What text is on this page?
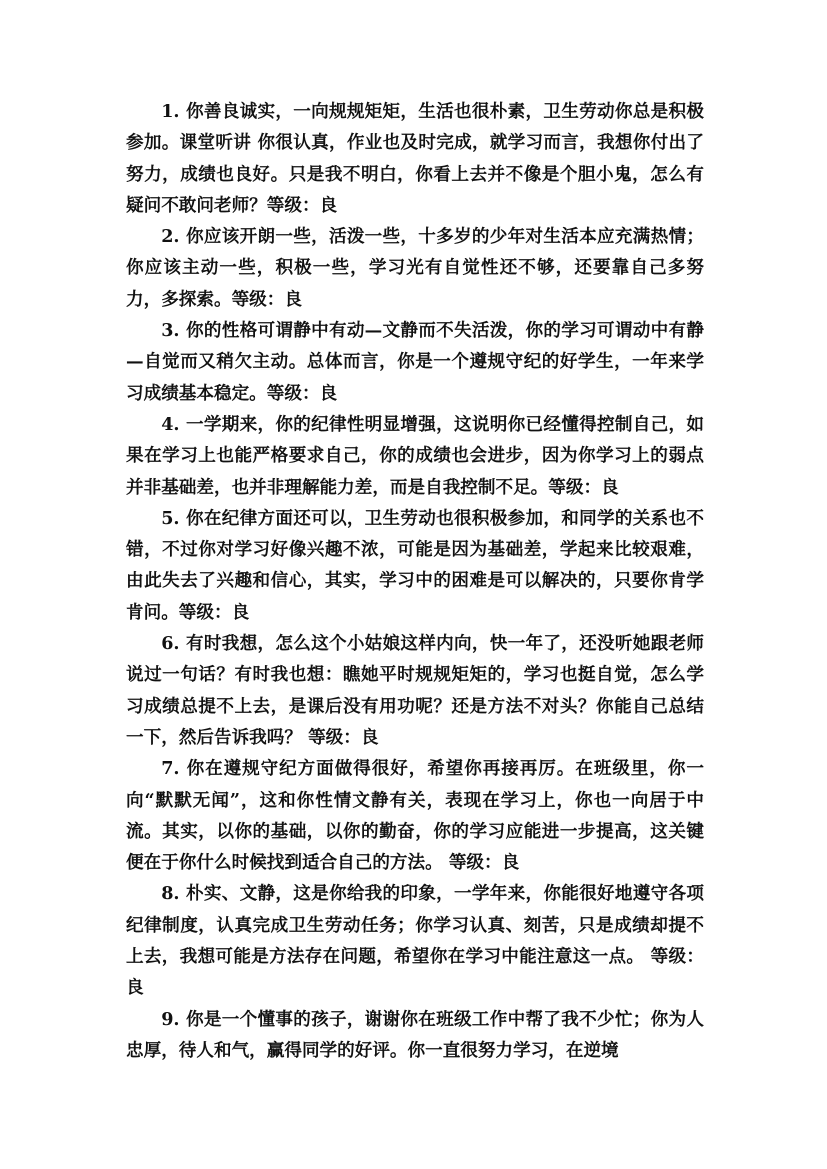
1. 你善良诚实，一向规规矩矩，生活也很朴素，卫生劳动你总是积极参加。课堂听讲 你很认真，作业也及时完成，就学习而言，我想你付出了努力，成绩也良好。只是我不明白，你看上去并不像是个胆小鬼，怎么有疑问不敢问老师？等级：良

2. 你应该开朗一些，活泼一些，十多岁的少年对生活本应充满热情；你应该主动一些，积极一些，学习光有自觉性还不够，还要靠自己多努力，多探索。等级：良

3. 你的性格可谓静中有动—文静而不失活泼，你的学习可谓动中有静—自觉而又稍欠主动。总体而言，你是一个遵规守纪的好学生，一年来学习成绩基本稳定。等级：良

4. 一学期来，你的纪律性明显增强，这说明你已经懂得控制自己，如果在学习上也能严格要求自己，你的成绩也会进步，因为你学习上的弱点并非基础差，也并非理解能力差，而是自我控制不足。等级：良

5. 你在纪律方面还可以，卫生劳动也很积极参加，和同学的关系也不错，不过你对学习好像兴趣不浓，可能是因为基础差，学起来比较艰难，由此失去了兴趣和信心，其实，学习中的困难是可以解决的，只要你肯学肯问。等级：良

6. 有时我想，怎么这个小姑娘这样内向，快一年了，还没听她跟老师说过一句话？有时我也想：瞧她平时规规矩矩的，学习也挺自觉，怎么学习成绩总提不上去，是课后没有用功呢？还是方法不对头？你能自己总结一下，然后告诉我吗？ 等级：良

7. 你在遵规守纪方面做得很好，希望你再接再厉。在班级里，你一向“默默无闻”，这和你性情文静有关，表现在学习上，你也一向居于中流。其实，以你的基础，以你的勤奋，你的学习应能进一步提高，这关键便在于你什么时候找到适合自己的方法。 等级：良

8. 朴实、文静，这是你给我的印象，一学年来，你能很好地遵守各项纪律制度，认真完成卫生劳动任务；你学习认真、刻苦，只是成绩却提不上去，我想可能是方法存在问题，希望你在学习中能注意这一点。 等级：良

9. 你是一个懂事的孩子，谢谢你在班级工作中帮了我不少忙；你为人忠厚，待人和气，赢得同学的好评。你一直很努力学习，在逆境
